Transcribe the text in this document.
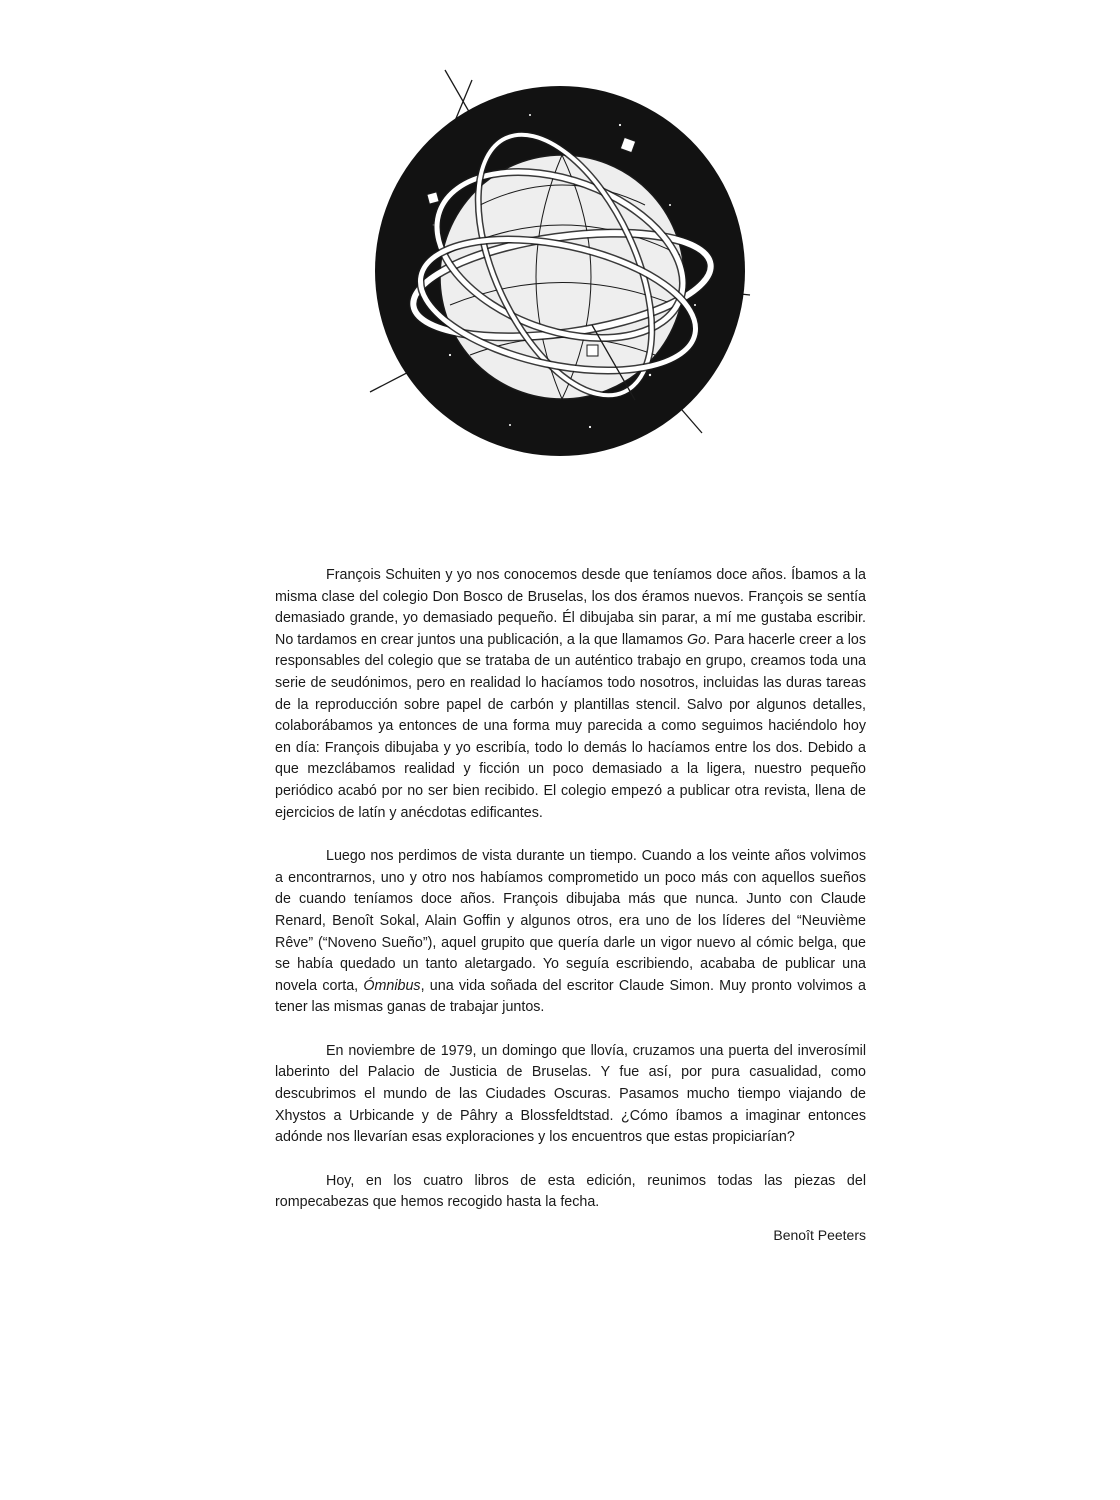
François Schuiten y yo nos conocemos desde que teníamos doce años. Íbamos a la misma clase del colegio Don Bosco de Bruselas, los dos éramos nuevos. François se sentía demasiado grande, yo demasiado pequeño. Él dibujaba sin parar, a mí me gustaba escribir. No tardamos en crear juntos una publicación, a la que llamamos Go. Para hacerle creer a los responsables del colegio que se trataba de un auténtico trabajo en grupo, creamos toda una serie de seudónimos, pero en realidad lo hacíamos todo nosotros, incluidas las duras tareas de la reproducción sobre papel de carbón y plantillas stencil. Salvo por algunos detalles, colaborábamos ya entonces de una forma muy parecida a como seguimos haciéndolo hoy en día: François dibujaba y yo escribía, todo lo demás lo hacíamos entre los dos. Debido a que mezclábamos realidad y ficción un poco demasiado a la ligera, nuestro pequeño periódico acabó por no ser bien recibido. El colegio empezó a publicar otra revista, llena de ejercicios de latín y anécdotas edificantes.

Luego nos perdimos de vista durante un tiempo. Cuando a los veinte años volvimos a encontrarnos, uno y otro nos habíamos comprometido un poco más con aquellos sueños de cuando teníamos doce años. François dibujaba más que nunca. Junto con Claude Renard, Benoît Sokal, Alain Goffin y algunos otros, era uno de los líderes del “Neuvième Rêve” (“Noveno Sueño”), aquel grupito que quería darle un vigor nuevo al cómic belga, que se había quedado un tanto aletargado. Yo seguía escribiendo, acababa de publicar una novela corta, Ómnibus, una vida soñada del escritor Claude Simon. Muy pronto volvimos a tener las mismas ganas de trabajar juntos.

En noviembre de 1979, un domingo que llovía, cruzamos una puerta del inverosímil laberinto del Palacio de Justicia de Bruselas. Y fue así, por pura casualidad, como descubrimos el mundo de las Ciudades Oscuras. Pasamos mucho tiempo viajando de Xhystos a Urbicande y de Pâhry a Blossfeldtstad. ¿Cómo íbamos a imaginar entonces adónde nos llevarían esas exploraciones y los encuentros que estas propiciarían?

Hoy, en los cuatro libros de esta edición, reunimos todas las piezas del rompecabezas que hemos recogido hasta la fecha.

Benoît Peeters
